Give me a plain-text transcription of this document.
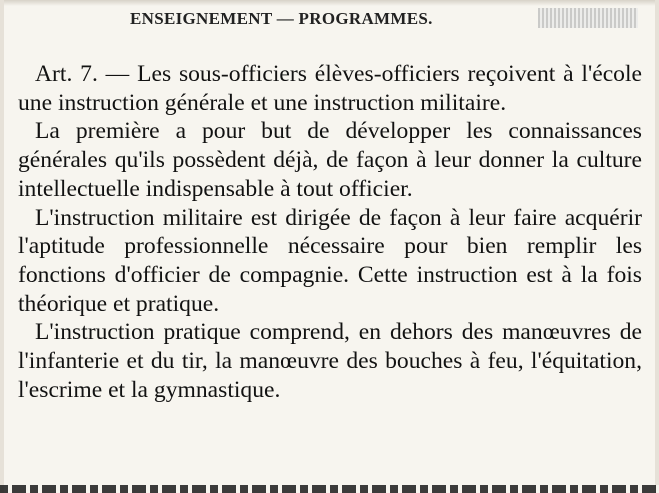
ENSEIGNEMENT — PROGRAMMES.

Art. 7. — Les sous-officiers élèves-officiers reçoivent à l'école une instruction générale et une instruction militaire.

La première a pour but de développer les connaissances générales qu'ils possèdent déjà, de façon à leur donner la culture intellectuelle indispensable à tout officier.

L'instruction militaire est dirigée de façon à leur faire acquérir l'aptitude professionnelle nécessaire pour bien remplir les fonctions d'officier de compagnie. Cette instruction est à la fois théorique et pratique.

L'instruction pratique comprend, en dehors des manœuvres de l'infanterie et du tir, la manœuvre des bouches à feu, l'équitation, l'escrime et la gymnastique.
